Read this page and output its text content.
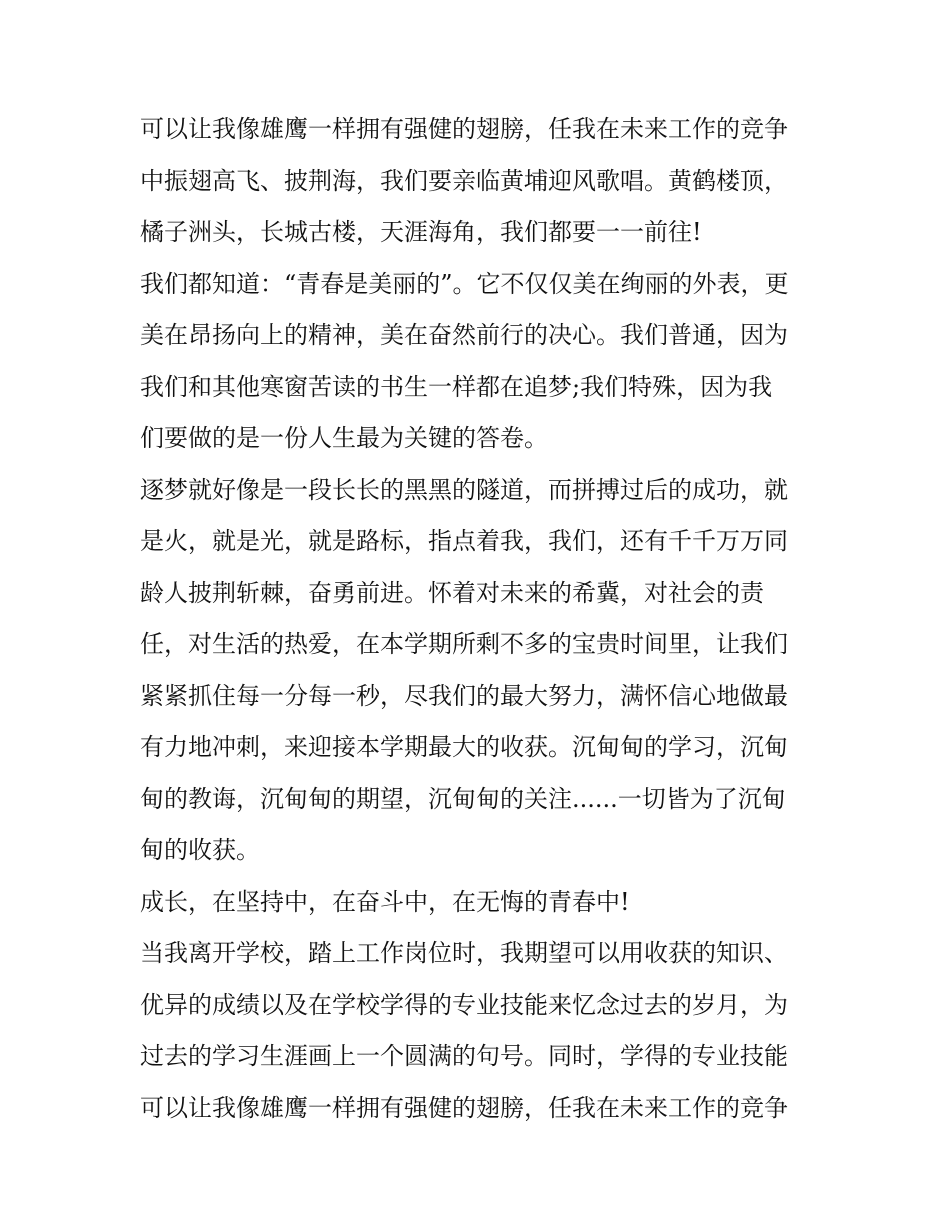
可以让我像雄鹰一样拥有强健的翅膀，任我在未来工作的竞争
中振翅高飞、披荆海，我们要亲临黄埔迎风歌唱。黄鹤楼顶，
橘子洲头，长城古楼，天涯海角，我们都要一一前往!
我们都知道：“青春是美丽的”。它不仅仅美在绚丽的外表，更
美在昂扬向上的精神，美在奋然前行的决心。我们普通，因为
我们和其他寒窗苦读的书生一样都在追梦;我们特殊，因为我
们要做的是一份人生最为关键的答卷。
逐梦就好像是一段长长的黑黑的隧道，而拼搏过后的成功，就
是火，就是光，就是路标，指点着我，我们，还有千千万万同
龄人披荆斩棘，奋勇前进。怀着对未来的希冀，对社会的责
任，对生活的热爱，在本学期所剩不多的宝贵时间里，让我们
紧紧抓住每一分每一秒，尽我们的最大努力，满怀信心地做最
有力地冲刺，来迎接本学期最大的收获。沉甸甸的学习，沉甸
甸的教诲，沉甸甸的期望，沉甸甸的关注......一切皆为了沉甸
甸的收获。
成长，在坚持中，在奋斗中，在无悔的青春中!
当我离开学校，踏上工作岗位时，我期望可以用收获的知识、
优异的成绩以及在学校学得的专业技能来忆念过去的岁月，为
过去的学习生涯画上一个圆满的句号。同时，学得的专业技能
可以让我像雄鹰一样拥有强健的翅膀，任我在未来工作的竞争
